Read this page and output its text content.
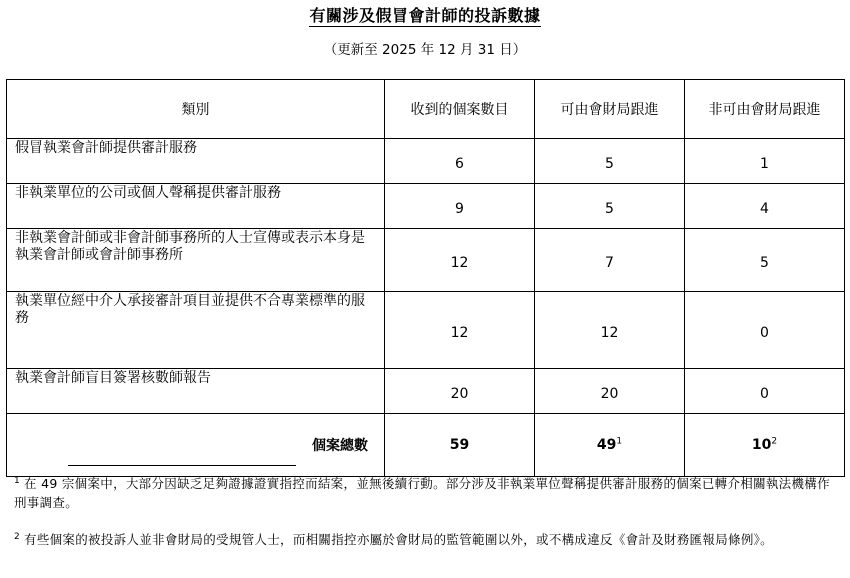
有關涉及假冒會計師的投訴數據
（更新至 2025 年 12 月 31 日）
類別	收到的個案數目	可由會財局跟進	非可由會財局跟進
假冒執業會計師提供審計服務	6	5	1
非執業單位的公司或個人聲稱提供審計服務	9	5	4
非執業會計師或非會計師事務所的人士宣傳或表示本身是執業會計師或會計師事務所	12	7	5
執業單位經中介人承接審計項目並提供不合專業標準的服務	12	12	0
執業會計師盲目簽署核數師報告	20	20	0
個案總數	59	$49^1$	$10^2$
$^1$ 在 49 宗個案中，大部分因缺乏足夠證據證實指控而結案，並無後續行動。部分涉及非執業單位聲稱提供審計服務的個案已轉介相關執法機構作刑事調查。
$^2$ 有些個案的被投訴人並非會財局的受規管人士，而相關指控亦屬於會財局的監管範圍以外，或不構成違反《會計及財務匯報局條例》。
